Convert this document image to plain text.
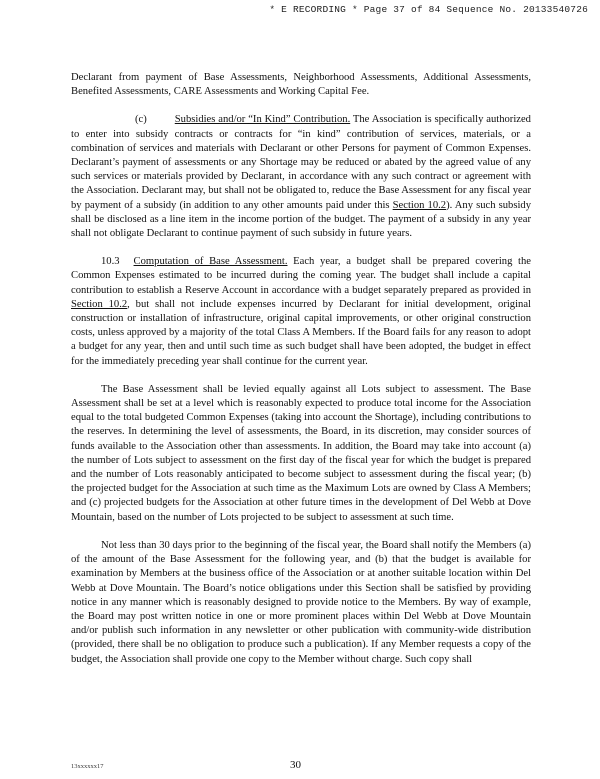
* E RECORDING * Page 37 of 84 Sequence No. 20133540726

Declarant from payment of Base Assessments, Neighborhood Assessments, Additional Assessments, Benefited Assessments, CARE Assessments and Working Capital Fee.

(c)	Subsidies and/or “In Kind” Contribution. The Association is specifically authorized to enter into subsidy contracts or contracts for “in kind” contribution of services, materials, or a combination of services and materials with Declarant or other Persons for payment of Common Expenses. Declarant’s payment of assessments or any Shortage may be reduced or abated by the agreed value of any such services or materials provided by Declarant, in accordance with any such contract or agreement with the Association. Declarant may, but shall not be obligated to, reduce the Base Assessment for any fiscal year by payment of a subsidy (in addition to any other amounts paid under this Section 10.2). Any such subsidy shall be disclosed as a line item in the income portion of the budget. The payment of a subsidy in any year shall not obligate Declarant to continue payment of such subsidy in future years.

10.3 Computation of Base Assessment. Each year, a budget shall be prepared covering the Common Expenses estimated to be incurred during the coming year. The budget shall include a capital contribution to establish a Reserve Account in accordance with a budget separately prepared as provided in Section 10.2, but shall not include expenses incurred by Declarant for initial development, original construction or installation of infrastructure, original capital improvements, or other original construction costs, unless approved by a majority of the total Class A Members. If the Board fails for any reason to adopt a budget for any year, then and until such time as such budget shall have been adopted, the budget in effect for the immediately preceding year shall continue for the current year.

The Base Assessment shall be levied equally against all Lots subject to assessment. The Base Assessment shall be set at a level which is reasonably expected to produce total income for the Association equal to the total budgeted Common Expenses (taking into account the Shortage), including contributions to the reserves. In determining the level of assessments, the Board, in its discretion, may consider sources of funds available to the Association other than assessments. In addition, the Board may take into account (a) the number of Lots subject to assessment on the first day of the fiscal year for which the budget is prepared and the number of Lots reasonably anticipated to become subject to assessment during the fiscal year; (b) the projected budget for the Association at such time as the Maximum Lots are owned by Class A Members; and (c) projected budgets for the Association at other future times in the development of Del Webb at Dove Mountain, based on the number of Lots projected to be subject to assessment at such time.

Not less than 30 days prior to the beginning of the fiscal year, the Board shall notify the Members (a) of the amount of the Base Assessment for the following year, and (b) that the budget is available for examination by Members at the business office of the Association or at another suitable location within Del Webb at Dove Mountain. The Board’s notice obligations under this Section shall be satisfied by providing notice in any manner which is reasonably designed to provide notice to the Members. By way of example, the Board may post written notice in one or more prominent places within Del Webb at Dove Mountain and/or publish such information in any newsletter or other publication with community-wide distribution (provided, there shall be no obligation to produce such a publication). If any Member requests a copy of the budget, the Association shall provide one copy to the Member without charge. Such copy shall

13xxxxxx17	30
